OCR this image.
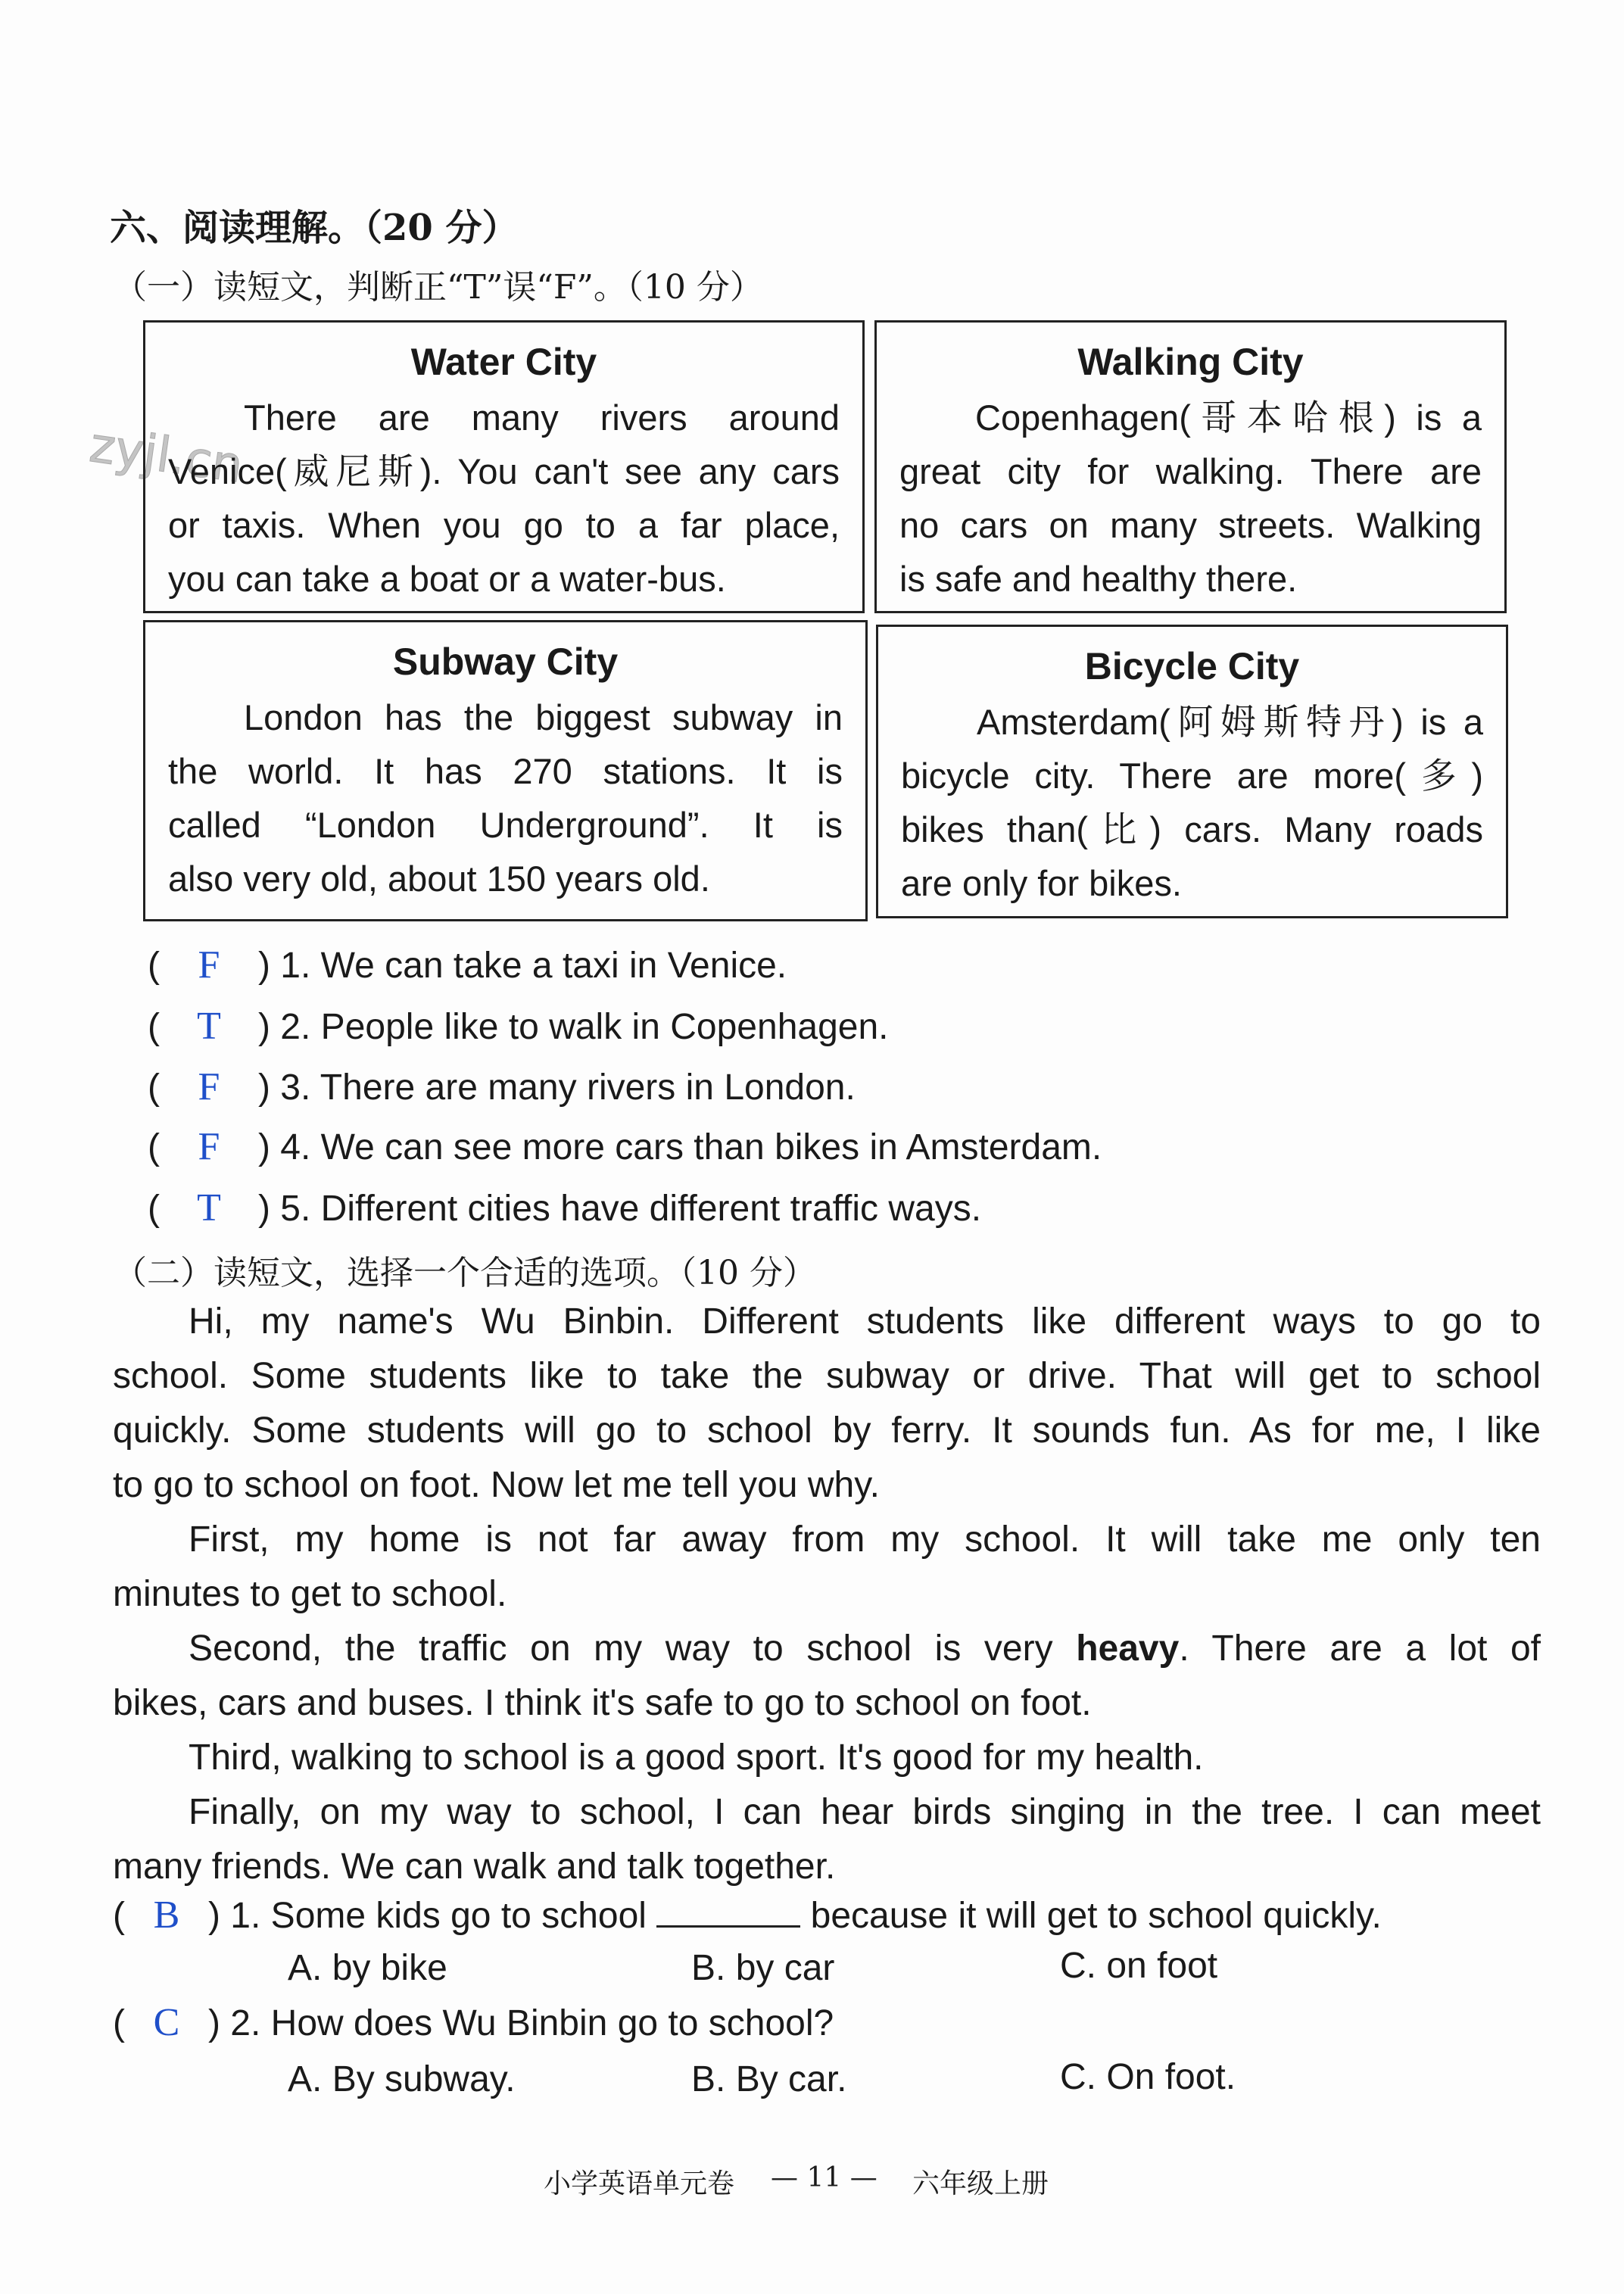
zyjl.cn
六、阅读理解。（20 分）
（一）读短文，判断正“T”误“F”。（10 分）
Water City
There are many rivers around
Venice(威尼斯). You can't see any cars
or taxis. When you go to a far place,
you can take a boat or a water-bus.
Walking City
Copenhagen(哥本哈根) is a
great city for walking. There are
no cars on many streets. Walking
is safe and healthy there.
Subway City
London has the biggest subway in
the world. It has 270 stations. It is
called “London Underground”. It is
also very old, about 150 years old.
Bicycle City
Amsterdam(阿姆斯特丹) is a
bicycle city. There are more(多)
bikes than(比) cars. Many roads
are only for bikes.
( F ) 1. We can take a taxi in Venice.
( T ) 2. People like to walk in Copenhagen.
( F ) 3. There are many rivers in London.
( F ) 4. We can see more cars than bikes in Amsterdam.
( T ) 5. Different cities have different traffic ways.
（二）读短文，选择一个合适的选项。（10 分）
Hi, my name's Wu Binbin. Different students like different ways to go to
school. Some students like to take the subway or drive. That will get to school
quickly. Some students will go to school by ferry. It sounds fun. As for me, I like
to go to school on foot. Now let me tell you why.
First, my home is not far away from my school. It will take me only ten
minutes to get to school.
Second, the traffic on my way to school is very heavy. There are a lot of
bikes, cars and buses. I think it's safe to go to school on foot.
Third, walking to school is a good sport. It's good for my health.
Finally, on my way to school, I can hear birds singing in the tree. I can meet
many friends. We can walk and talk together.
( B ) 1. Some kids go to school	because it will get to school quickly.
A. by bike	B. by car	C. on foot
( C ) 2. How does Wu Binbin go to school?
A. By subway.	B. By car.	C. On foot.
小学英语单元卷 — 11 — 六年级上册
